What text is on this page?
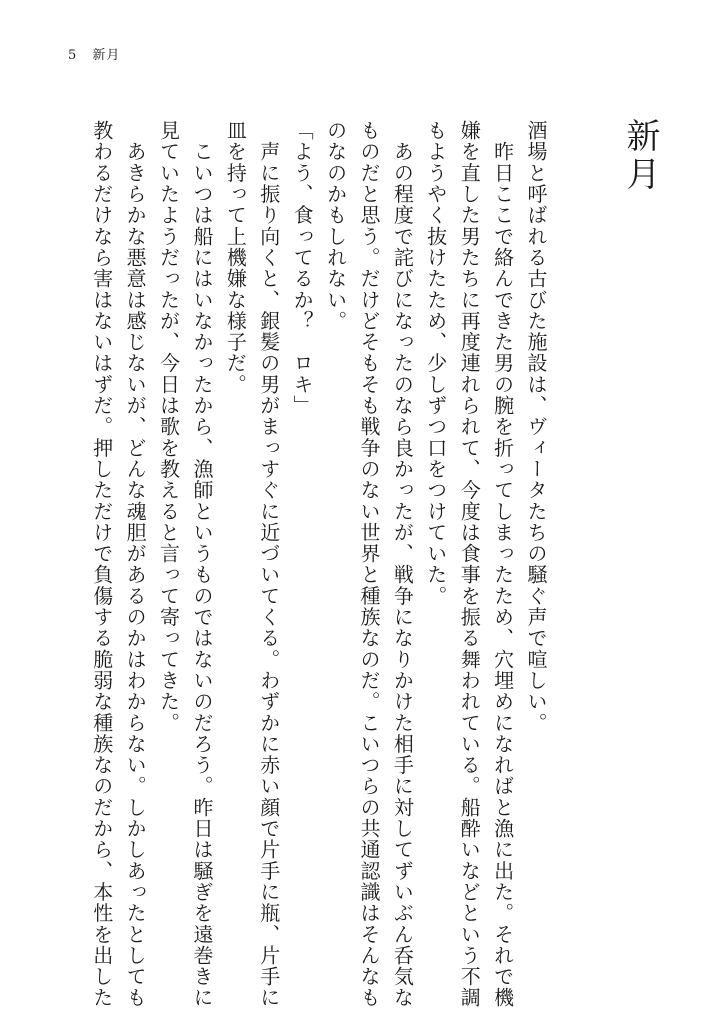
5 新月
新月

酒場と呼ばれる古びた施設は、ヴィータたちの騒ぐ声で喧しい。

　昨日ここで絡んできた男の腕を折ってしまったため、穴埋めになればと漁に出た。それで機

嫌を直した男たちに再度連れられて、今度は食事を振る舞われている。船酔いなどという不調

もようやく抜けたため、少しずつ口をつけていた。

　あの程度で詫びになったのなら良かったが、戦争になりかけた相手に対してずいぶん呑気な

ものだと思う。だけどそもそも戦争のない世界と種族なのだ。こいつらの共通認識はそんなも

のなのかもしれない。

「よう、食ってるか？　ロキ」

　声に振り向くと、銀髪の男がまっすぐに近づいてくる。わずかに赤い顔で片手に瓶、片手に

皿を持って上機嫌な様子だ。

　こいつは船にはいなかったから、漁師というものではないのだろう。昨日は騒ぎを遠巻きに

見ていたようだったが、今日は歌を教えると言って寄ってきた。

　あきらかな悪意は感じないが、どんな魂胆があるのかはわからない。しかしあったとしても

教わるだけなら害はないはずだ。押しただけで負傷する脆弱な種族なのだから、本性を出した
